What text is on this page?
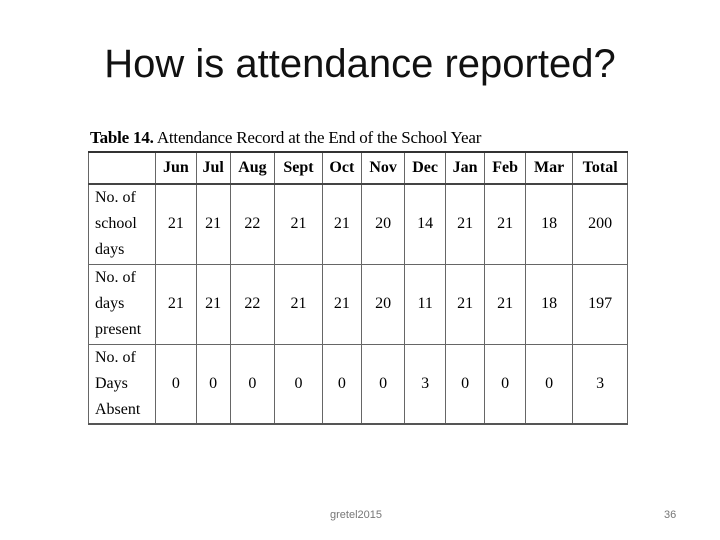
How is attendance reported?
Table 14. Attendance Record at the End of the School Year
	Jun	Jul	Aug	Sept	Oct	Nov	Dec	Jan	Feb	Mar	Total

No. of
school
days	21	21	22	21	21	20	14	21	21	18	200

No. of
days
present	21	21	22	21	21	20	11	21	21	18	197

No. of
Days
Absent	0	0	0	0	0	0	3	0	0	0	3
gretel2015	36
